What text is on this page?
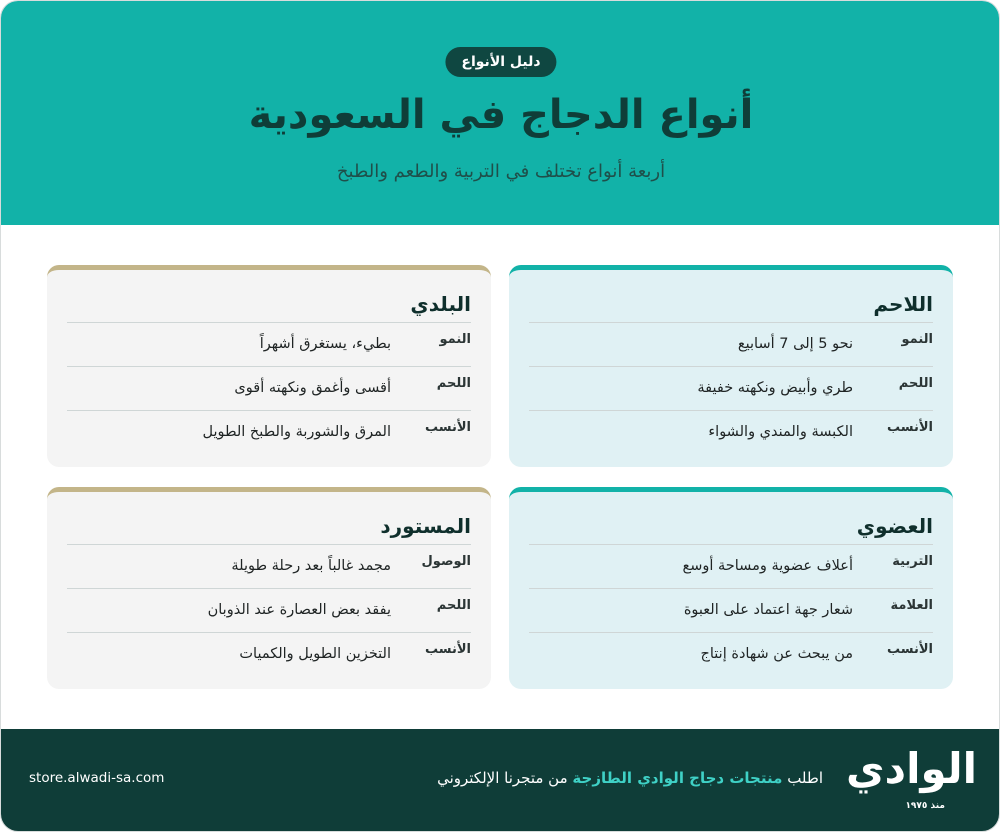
دليل الأنواع
أنواع الدجاج في السعودية
أربعة أنواع تختلف في التربية والطعم والطبخ
اللاحم
النمو
نحو 5 إلى 7 أسابيع
اللحم
طري وأبيض ونكهته خفيفة
الأنسب
الكبسة والمندي والشواء
البلدي
النمو
بطيء، يستغرق أشهراً
اللحم
أقسى وأغمق ونكهته أقوى
الأنسب
المرق والشوربة والطبخ الطويل
العضوي
التربية
أعلاف عضوية ومساحة أوسع
العلامة
شعار جهة اعتماد على العبوة
الأنسب
من يبحث عن شهادة إنتاج
المستورد
الوصول
مجمد غالباً بعد رحلة طويلة
اللحم
يفقد بعض العصارة عند الذوبان
الأنسب
التخزين الطويل والكميات
الوادي
منذ ١٩٧٥
اطلب منتجات دجاج الوادي الطازجة من متجرنا الإلكتروني
store.alwadi-sa.com
